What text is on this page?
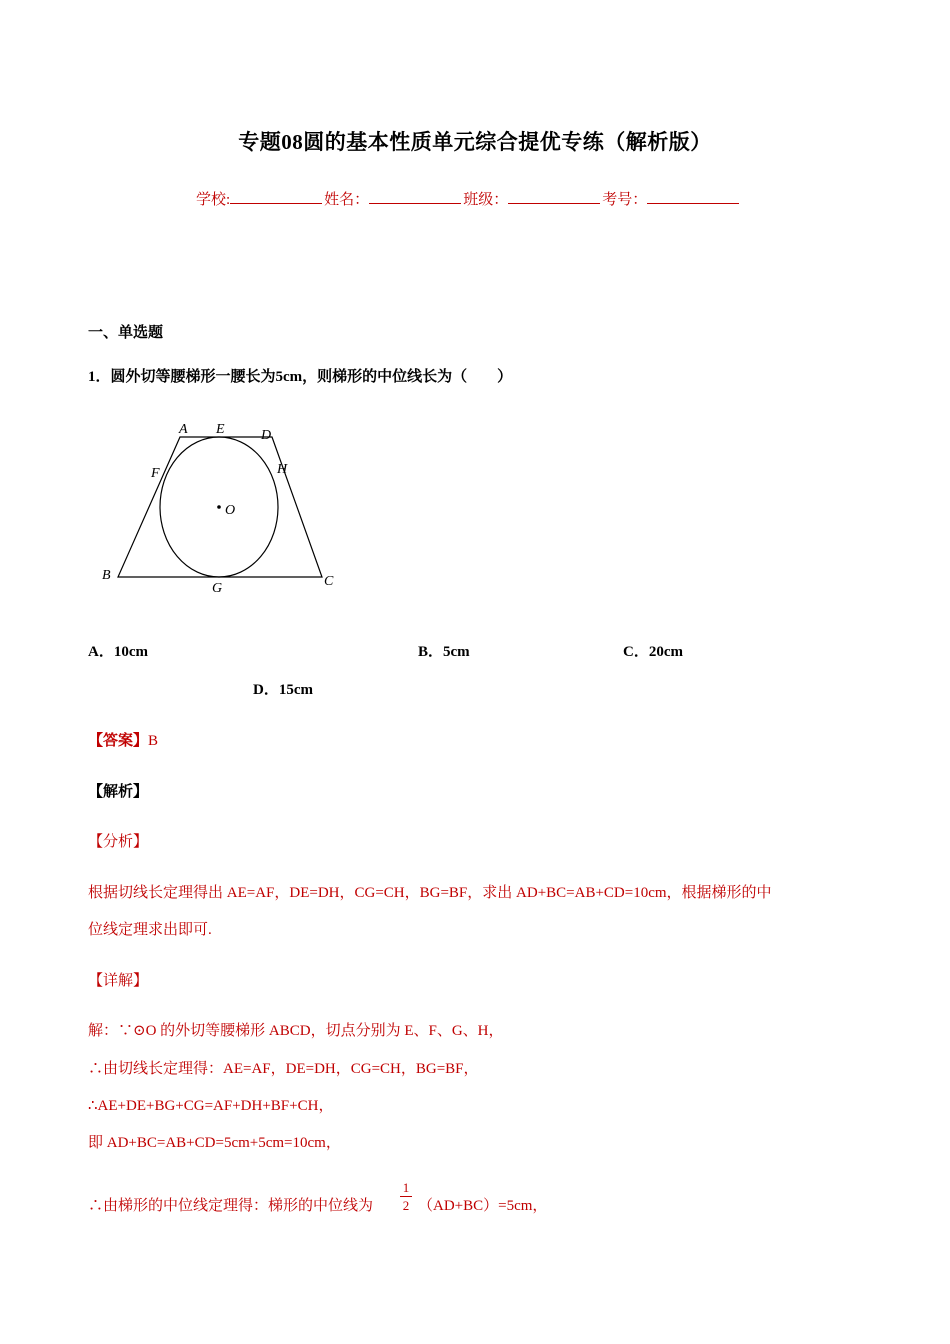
专题08圆的基本性质单元综合提优专练（解析版）
学校:	姓名：	班级：	考号：
一、单选题
1．圆外切等腰梯形一腰长为5cm，则梯形的中位线长为（　　）
A E	D
F	H
O
B
G	C
A．10cm	B．5cm	C．20cm
D．15cm
【答案】B
【解析】
【分析】
根据切线长定理得出 AE=AF，DE=DH，CG=CH，BG=BF，求出 AD+BC=AB+CD=10cm，根据梯形的中
位线定理求出即可.
【详解】
解：∵⊙O 的外切等腰梯形 ABCD，切点分别为 E、F、G、H，
∴由切线长定理得：AE=AF，DE=DH，CG=CH，BG=BF，
∴AE+DE+BG+CG=AF+DH+BF+CH，
即 AD+BC=AB+CD=5cm+5cm=10cm，
∴由梯形的中位线定理得：梯形的中位线为
1
2 （AD+BC）=5cm，
